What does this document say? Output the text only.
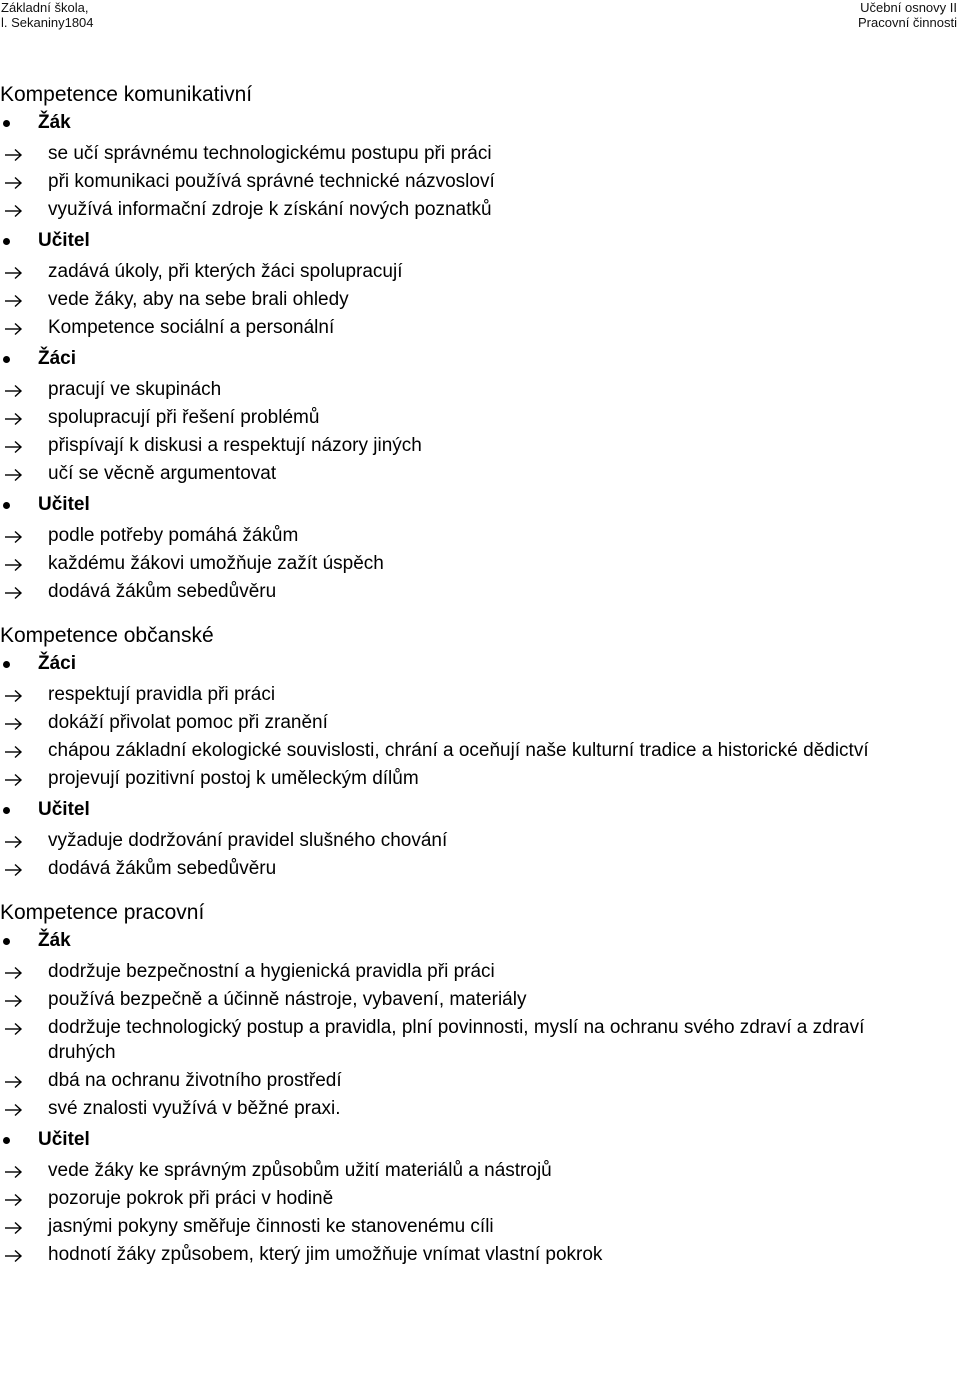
Základní škola,
l. Sekaniny1804
Učební osnovy II
Pracovní činnosti
Kompetence komunikativní
Žák
se učí správnému technologickému postupu při práci
při komunikaci používá správné technické názvosloví
využívá informační zdroje k získání nových poznatků
Učitel
zadává úkoly, při kterých žáci spolupracují
vede žáky, aby na sebe brali ohledy
Kompetence sociální a personální
Žáci
pracují ve skupinách
spolupracují při řešení problémů
přispívají k diskusi a respektují názory jiných
učí se věcně argumentovat
Učitel
podle potřeby pomáhá žákům
každému žákovi umožňuje zažít úspěch
dodává žákům sebedůvěru
Kompetence občanské
Žáci
respektují pravidla při práci
dokáží přivolat pomoc při zranění
chápou základní ekologické souvislosti, chrání a oceňují naše kulturní tradice a historické dědictví
projevují pozitivní postoj k uměleckým dílům
Učitel
vyžaduje dodržování pravidel slušného chování
dodává žákům sebedůvěru
Kompetence pracovní
Žák
dodržuje bezpečnostní a hygienická pravidla při práci
používá bezpečně a účinně nástroje, vybavení, materiály
dodržuje technologický postup a pravidla, plní povinnosti, myslí na ochranu svého zdraví a zdraví druhých
dbá na ochranu životního prostředí
své znalosti využívá v běžné praxi.
Učitel
vede žáky ke správným způsobům užití materiálů a nástrojů
pozoruje pokrok při práci v hodině
jasnými pokyny směřuje činnosti ke stanovenému cíli
hodnotí žáky způsobem, který jim umožňuje vnímat vlastní pokrok
